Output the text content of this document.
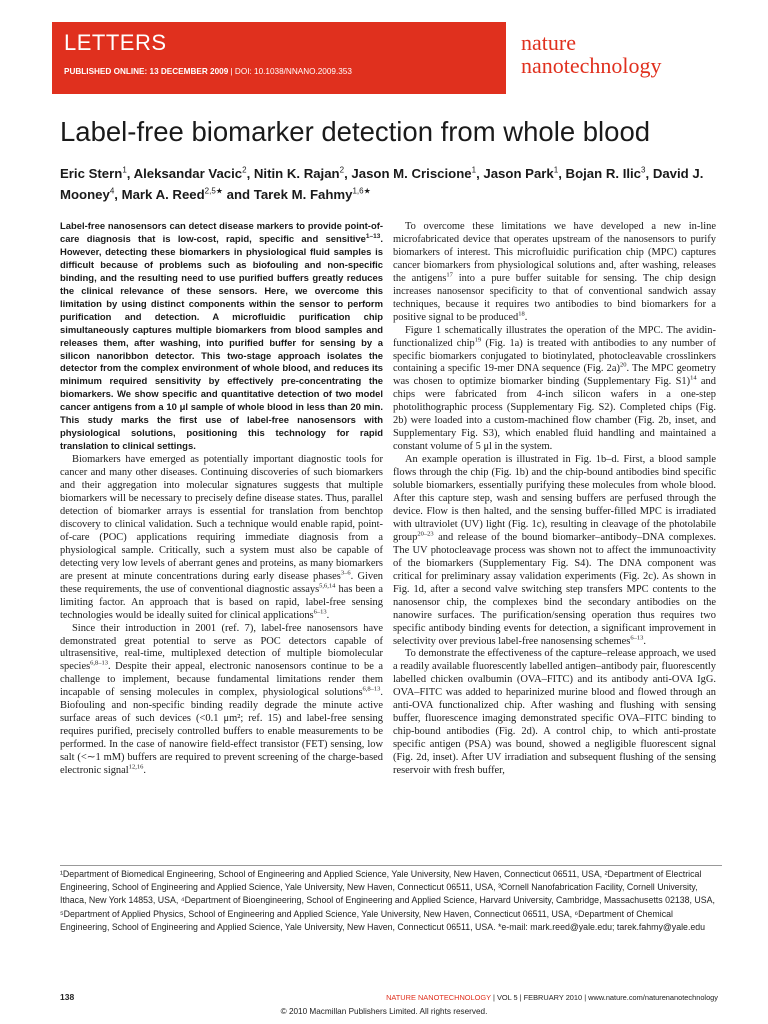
LETTERS
PUBLISHED ONLINE: 13 DECEMBER 2009 | DOI: 10.1038/NNANO.2009.353
nature
nanotechnology
Label-free biomarker detection from whole blood
Eric Stern$^1$, Aleksandar Vacic$^2$, Nitin K. Rajan$^2$, Jason M. Criscione$^1$, Jason Park$^1$, Bojan R. Ilic$^3$, David J. Mooney$^4$, Mark A. Reed$^{2,5★}$ and Tarek M. Fahmy$^{1,6★}$

Label-free nanosensors can detect disease markers to provide point-of-care diagnosis that is low-cost, rapid, specific and sensitive$^{1-13}$. However, detecting these biomarkers in physiological fluid samples is difficult because of problems such as biofouling and non-specific binding, and the resulting need to use purified buffers greatly reduces the clinical relevance of these sensors. Here, we overcome this limitation by using distinct components within the sensor to perform purification and detection. A microfluidic purification chip simultaneously captures multiple biomarkers from blood samples and releases them, after washing, into purified buffer for sensing by a silicon nanoribbon detector. This two-stage approach isolates the detector from the complex environment of whole blood, and reduces its minimum required sensitivity by effectively pre-concentrating the biomarkers. We show specific and quantitative detection of two model cancer antigens from a 10 μl sample of whole blood in less than 20 min. This study marks the first use of label-free nanosensors with physiological solutions, positioning this technology for rapid translation to clinical settings.

Biomarkers have emerged as potentially important diagnostic tools for cancer and many other diseases. Continuing discoveries of such biomarkers and their aggregation into molecular signatures suggests that multiple biomarkers will be necessary to precisely define disease states. Thus, parallel detection of biomarker arrays is essential for translation from benchtop discovery to clinical validation. Such a technique would enable rapid, point-of-care (POC) applications requiring immediate diagnosis from a physiological sample. Critically, such a system must also be capable of detecting very low levels of aberrant genes and proteins, as many biomarkers are present at minute concentrations during early disease phases$^{3-6}$. Given these requirements, the use of conventional diagnostic assays$^{5,6,14}$ has been a limiting factor. An approach that is based on rapid, label-free sensing technologies would be ideally suited for clinical applications$^{6-13}$.

Since their introduction in 2001 (ref. 7), label-free nanosensors have demonstrated great potential to serve as POC detectors capable of ultrasensitive, real-time, multiplexed detection of multiple biomolecular species$^{6,8-13}$. Despite their appeal, electronic nanosensors continue to be a challenge to implement, because fundamental limitations render them incapable of sensing molecules in complex, physiological solutions$^{6,8-13}$. Biofouling and non-specific binding readily degrade the minute active surface areas of such devices (<0.1 μm²; ref. 15) and label-free sensing requires purified, precisely controlled buffers to enable measurements to be performed. In the case of nanowire field-effect transistor (FET) sensing, low salt (<∼1 mM) buffers are required to prevent screening of the charge-based electronic signal$^{12,16}$.

To overcome these limitations we have developed a new in-line microfabricated device that operates upstream of the nanosensors to purify biomarkers of interest. This microfluidic purification chip (MPC) captures cancer biomarkers from physiological solutions and, after washing, releases the antigens$^{17}$ into a pure buffer suitable for sensing. The chip design increases nanosensor specificity to that of conventional sandwich assay techniques, because it requires two antibodies to bind biomarkers for a positive signal to be produced$^{18}$.

Figure 1 schematically illustrates the operation of the MPC. The avidin-functionalized chip$^{19}$ (Fig. 1a) is treated with antibodies to any number of specific biomarkers conjugated to biotinylated, photocleavable crosslinkers containing a specific 19-mer DNA sequence (Fig. 2a)$^{20}$. The MPC geometry was chosen to optimize biomarker binding (Supplementary Fig. S1)$^{14}$ and chips were fabricated from 4-inch silicon wafers in a one-step photolithographic process (Supplementary Fig. S2). Completed chips (Fig. 2b) were loaded into a custom-machined flow chamber (Fig. 2b, inset, and Supplementary Fig. S3), which enabled fluid handling and maintained a constant volume of 5 μl in the system.

An example operation is illustrated in Fig. 1b–d. First, a blood sample flows through the chip (Fig. 1b) and the chip-bound antibodies bind specific soluble biomarkers, essentially purifying these molecules from whole blood. After this capture step, wash and sensing buffers are perfused through the device. Flow is then halted, and the sensing buffer-filled MPC is irradiated with ultraviolet (UV) light (Fig. 1c), resulting in cleavage of the photolabile group$^{20-23}$ and release of the bound biomarker–antibody–DNA complexes. The UV photocleavage process was shown not to affect the immunoactivity of the biomarkers (Supplementary Fig. S4). The DNA component was critical for preliminary assay validation experiments (Fig. 2c). As shown in Fig. 1d, after a second valve switching step transfers MPC contents to the nanosensor chip, the complexes bind the secondary antibodies on the nanowire surfaces. The purification/sensing operation thus requires two specific antibody binding events for detection, a significant improvement in selectivity over previous label-free nanosensing schemes$^{6-13}$.

To demonstrate the effectiveness of the capture–release approach, we used a readily available fluorescently labelled antigen–antibody pair, fluorescently labelled chicken ovalbumin (OVA–FITC) and its antibody anti-OVA IgG. OVA–FITC was added to heparinized murine blood and flowed through an anti-OVA functionalized chip. After washing and flushing with sensing buffer, fluorescence imaging demonstrated specific OVA–FITC binding to chip-bound antibodies (Fig. 2d). A control chip, to which anti-prostate specific antigen (PSA) was bound, showed a negligible fluorescent signal (Fig. 2d, inset). After UV irradiation and subsequent flushing of the sensing reservoir with fresh buffer,

¹Department of Biomedical Engineering, School of Engineering and Applied Science, Yale University, New Haven, Connecticut 06511, USA, ²Department of Electrical Engineering, School of Engineering and Applied Science, Yale University, New Haven, Connecticut 06511, USA, ³Cornell Nanofabrication Facility, Cornell University, Ithaca, New York 14853, USA, ⁴Department of Bioengineering, School of Engineering and Applied Science, Harvard University, Cambridge, Massachusetts 02138, USA, ⁵Department of Applied Physics, School of Engineering and Applied Science, Yale University, New Haven, Connecticut 06511, USA, ⁶Department of Chemical Engineering, School of Engineering and Applied Science, Yale University, New Haven, Connecticut 06511, USA. *e-mail: mark.reed@yale.edu; tarek.fahmy@yale.edu
138	NATURE NANOTECHNOLOGY | VOL 5 | FEBRUARY 2010 | www.nature.com/naturenanotechnology
© 2010 Macmillan Publishers Limited. All rights reserved.
